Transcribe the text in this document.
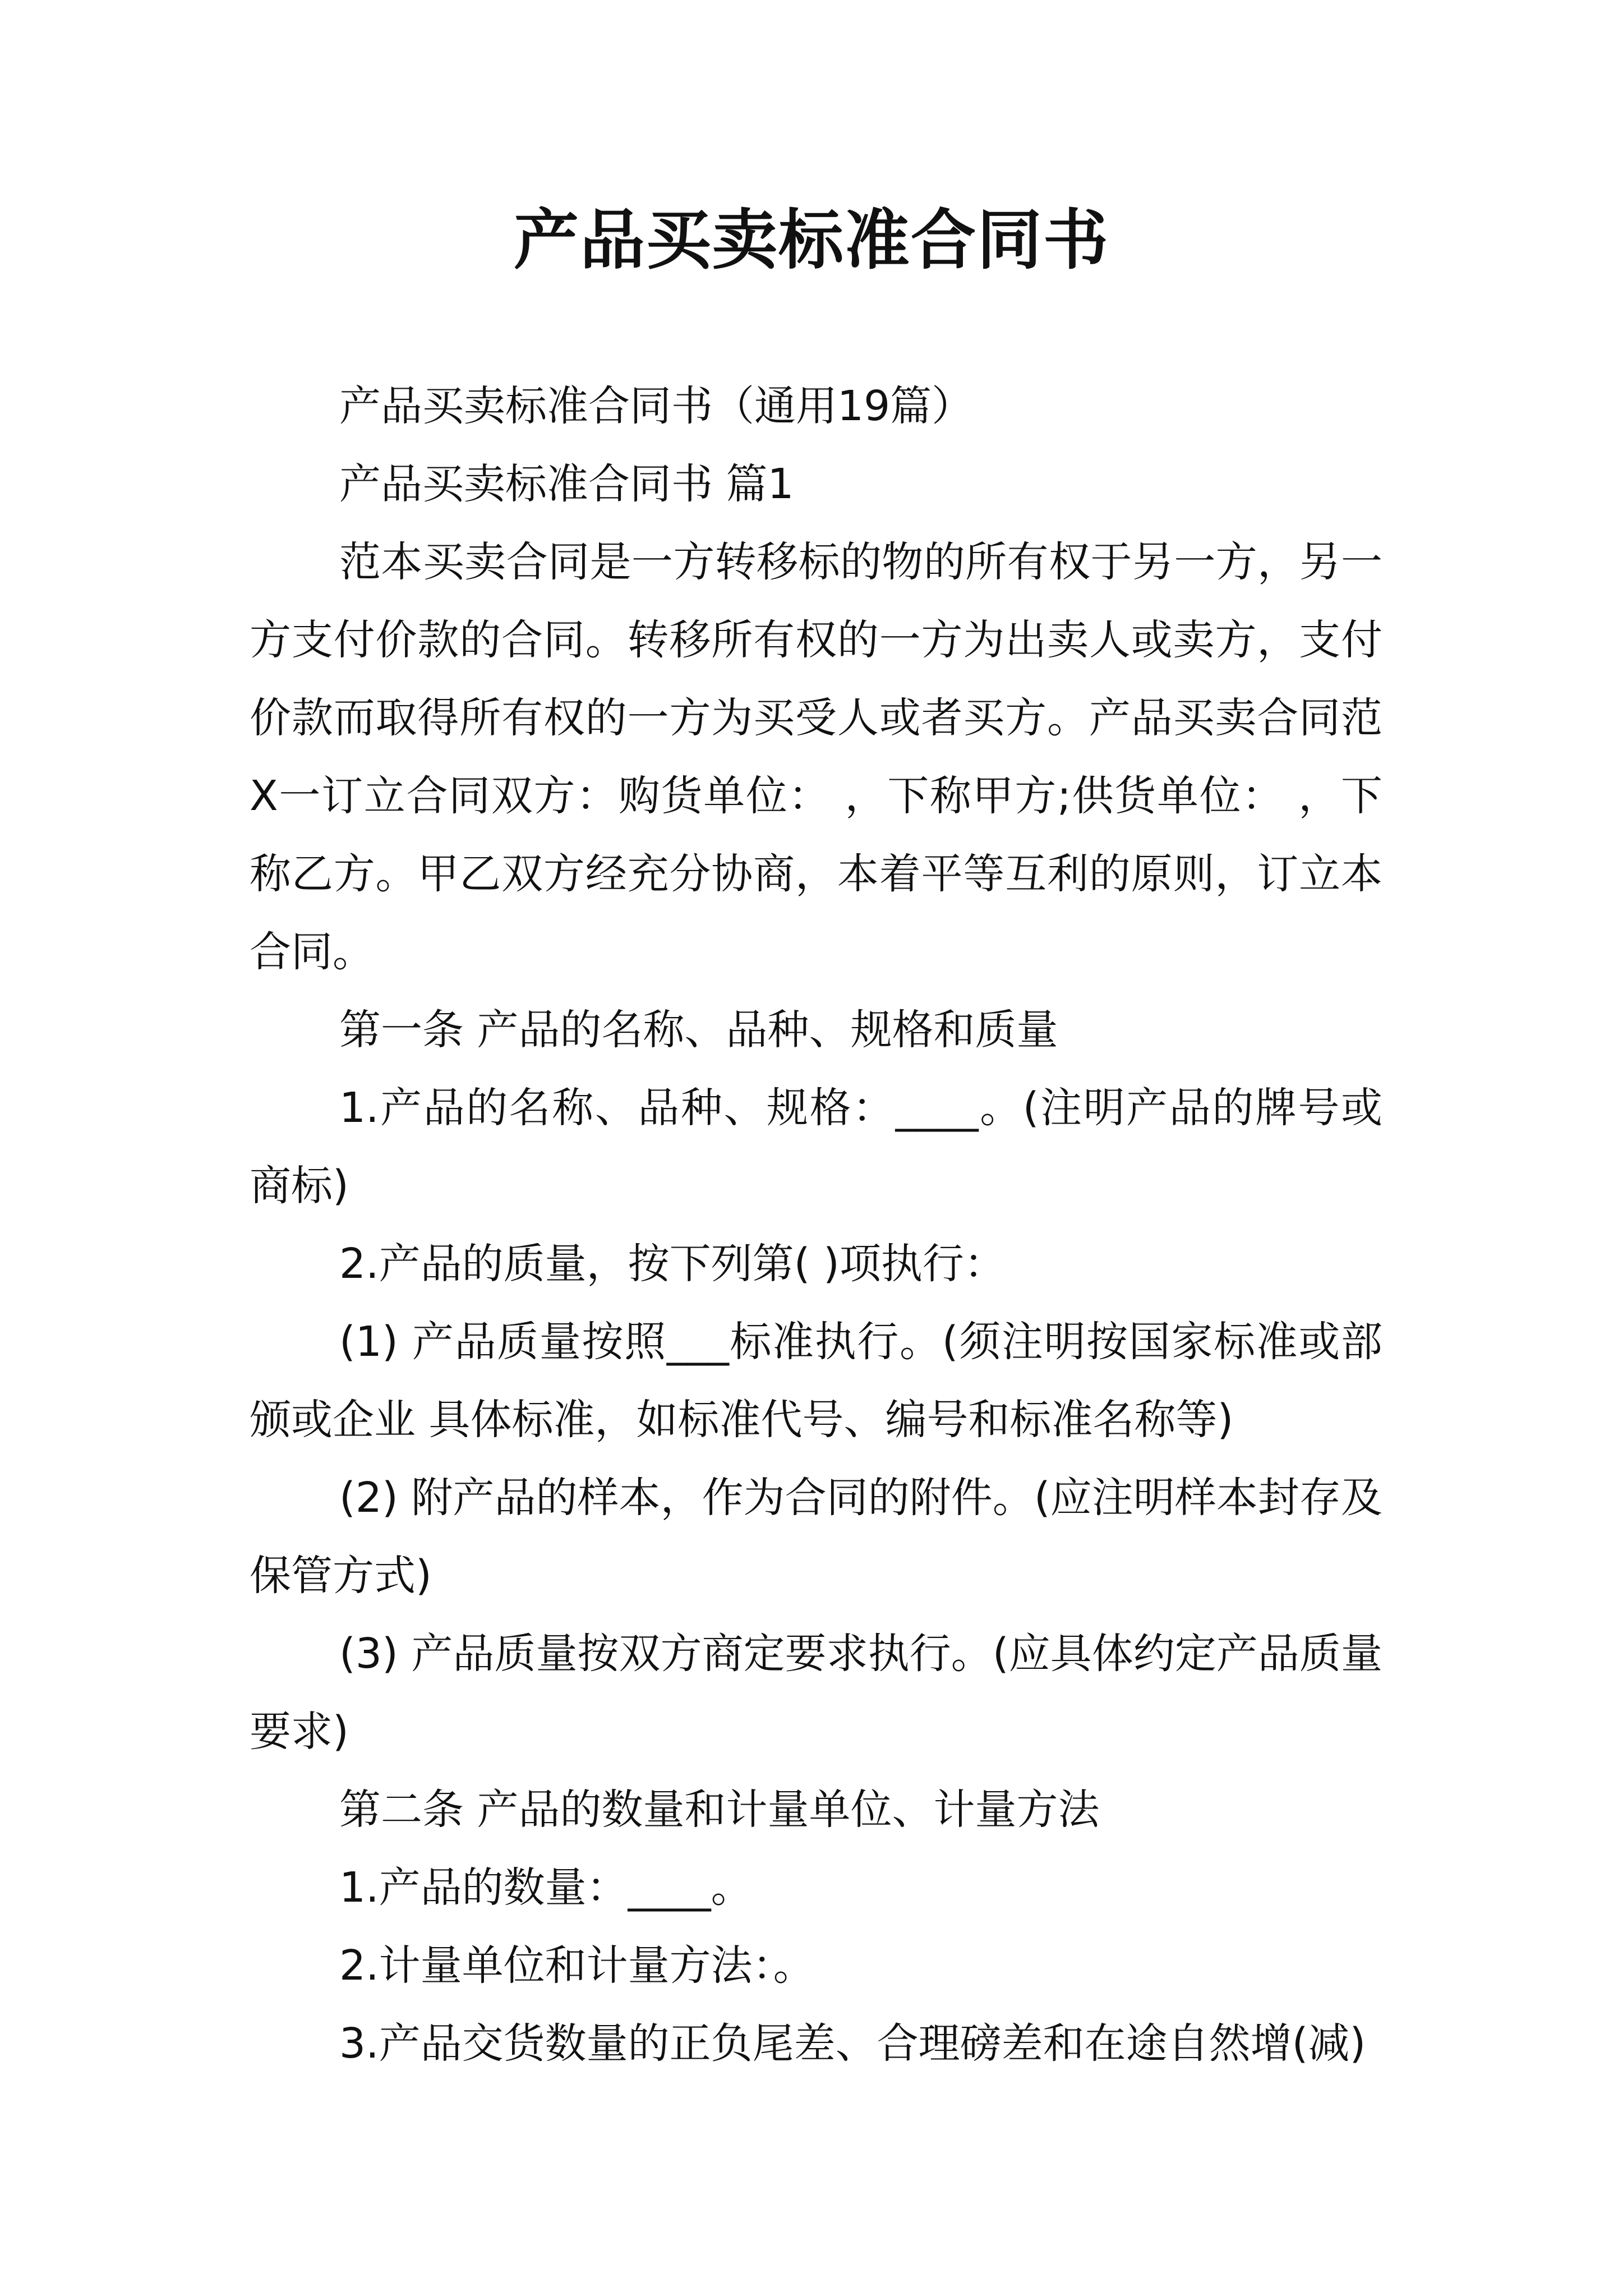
产品买卖标准合同书

产品买卖标准合同书（通用19篇）

产品买卖标准合同书 篇1

范本买卖合同是一方转移标的物的所有权于另一方，另一方支付价款的合同。转移所有权的一方为出卖人或卖方，支付价款而取得所有权的一方为买受人或者买方。产品买卖合同范X一订立合同双方：购货单位： ，下称甲方;供货单位： ，下称乙方。甲乙双方经充分协商，本着平等互利的原则，订立本合同。

第一条 产品的名称、品种、规格和质量

1.产品的名称、品种、规格：____。(注明产品的牌号或商标)

2.产品的质量，按下列第( )项执行：

(1) 产品质量按照___标准执行。(须注明按国家标准或部颁或企业 具体标准，如标准代号、编号和标准名称等)

(2) 附产品的样本，作为合同的附件。(应注明样本封存及保管方式)

(3) 产品质量按双方商定要求执行。(应具体约定产品质量要求)

第二条 产品的数量和计量单位、计量方法

1.产品的数量：____。

2.计量单位和计量方法：。

3.产品交货数量的正负尾差、合理磅差和在途自然增(减)
